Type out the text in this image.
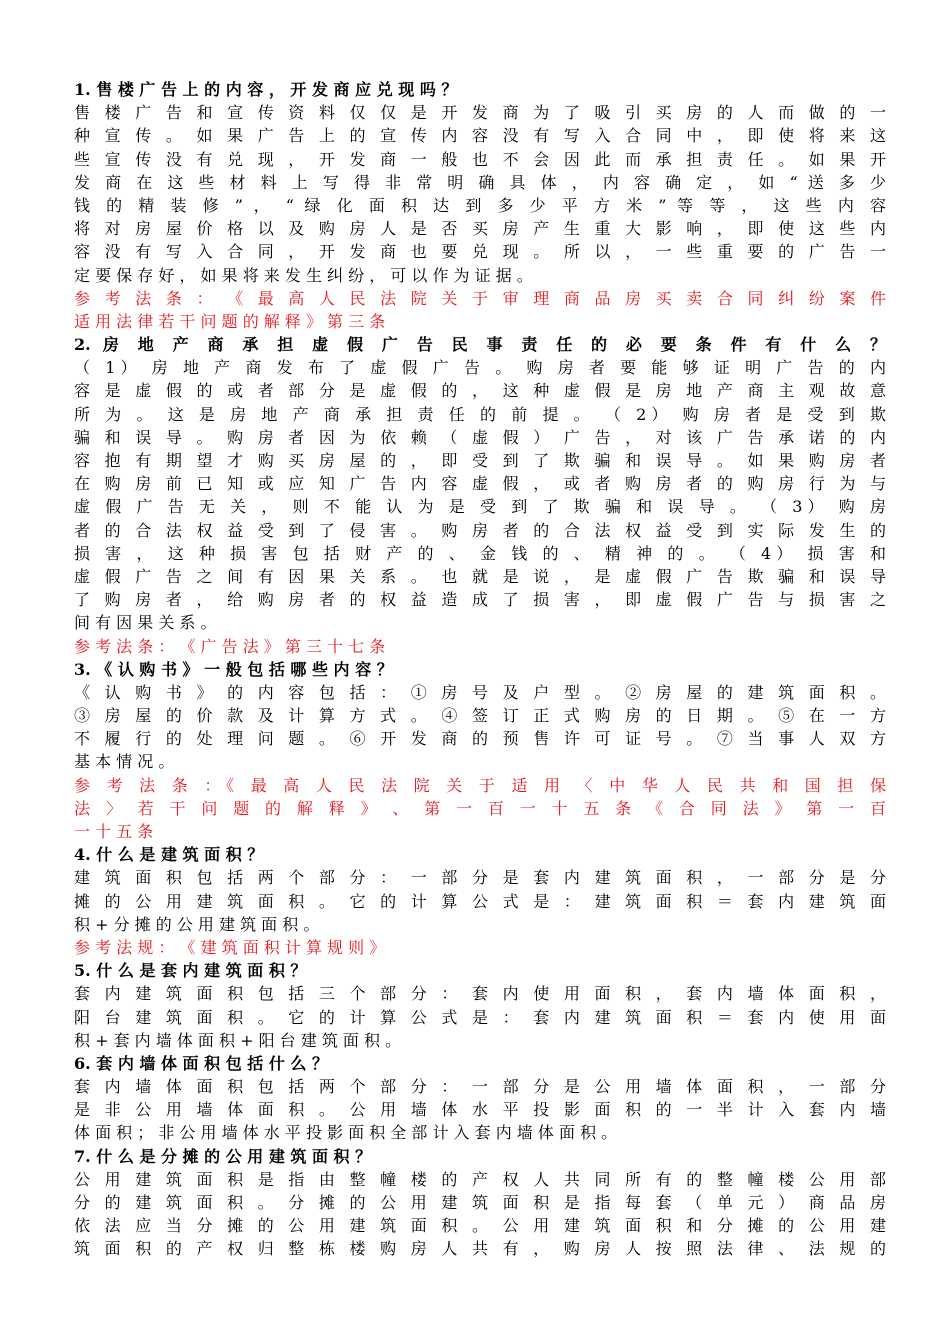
1. 售 楼 广 告 上 的 内 容 ， 开 发 商 应 兑 现 吗 ？
售 楼 广 告 和 宣 传 资 料 仅 仅 是 开 发 商 为 了 吸 引 买 房 的 人 而 做 的 一
种 宣 传 。 如 果 广 告 上 的 宣 传 内 容 没 有 写 入 合 同 中 ， 即 使 将 来 这
些 宣 传 没 有 兑 现 ， 开 发 商 一 般 也 不 会 因 此 而 承 担 责 任 。 如 果 开
发 商 在 这 些 材 料 上 写 得 非 常 明 确 具 体 ， 内 容 确 定 ， 如 “ 送 多 少
钱 的 精 装 修 ” ， “ 绿 化 面 积 达 到 多 少 平 方 米 ” 等 等 ， 这 些 内 容
将 对 房 屋 价 格 以 及 购 房 人 是 否 买 房 产 生 重 大 影 响 ， 即 使 这 些 内
容 没 有 写 入 合 同 ， 开 发 商 也 要 兑 现 。 所 以 ， 一 些 重 要 的 广 告 一
定 要 保 存 好 ， 如 果 将 来 发 生 纠 纷 ， 可 以 作 为 证 据 。
参 考 法 条 ： 《 最 高 人 民 法 院 关 于 审 理 商 品 房 买 卖 合 同 纠 纷 案 件
适 用 法 律 若 干 问 题 的 解 释 》 第 三 条
2. 房 地 产 商 承 担 虚 假 广 告 民 事 责 任 的 必 要 条 件 有 什 么 ？
（ 1） 房 地 产 商 发 布 了 虚 假 广 告 。 购 房 者 要 能 够 证 明 广 告 的 内
容 是 虚 假 的 或 者 部 分 是 虚 假 的 ， 这 种 虚 假 是 房 地 产 商 主 观 故 意
所 为 。 这 是 房 地 产 商 承 担 责 任 的 前 提 。 （ 2） 购 房 者 是 受 到 欺
骗 和 误 导 。 购 房 者 因 为 依 赖 （ 虚 假 ） 广 告 ， 对 该 广 告 承 诺 的 内
容 抱 有 期 望 才 购 买 房 屋 的 ， 即 受 到 了 欺 骗 和 误 导 。 如 果 购 房 者
在 购 房 前 已 知 或 应 知 广 告 内 容 虚 假 ， 或 者 购 房 者 的 购 房 行 为 与
虚 假 广 告 无 关 ， 则 不 能 认 为 是 受 到 了 欺 骗 和 误 导 。 （ 3） 购 房
者 的 合 法 权 益 受 到 了 侵 害 。 购 房 者 的 合 法 权 益 受 到 实 际 发 生 的
损 害 ， 这 种 损 害 包 括 财 产 的 、 金 钱 的 、 精 神 的 。 （ 4） 损 害 和
虚 假 广 告 之 间 有 因 果 关 系 。 也 就 是 说 ， 是 虚 假 广 告 欺 骗 和 误 导
了 购 房 者 ， 给 购 房 者 的 权 益 造 成 了 损 害 ， 即 虚 假 广 告 与 损 害 之
间 有 因 果 关 系 。
参 考 法 条 ： 《 广 告 法 》 第 三 十 七 条
3. 《 认 购 书 》 一 般 包 括 哪 些 内 容 ？
《 认 购 书 》 的 内 容 包 括 ： ① 房 号 及 户 型 。 ② 房 屋 的 建 筑 面 积 。
③ 房 屋 的 价 款 及 计 算 方 式 。 ④ 签 订 正 式 购 房 的 日 期 。 ⑤ 在 一 方
不 履 行 的 处 理 问 题 。 ⑥ 开 发 商 的 预 售 许 可 证 号 。 ⑦ 当 事 人 双 方
基 本 情 况 。
参 考 法 条 ：《 最 高 人 民 法 院 关 于 适 用 〈 中 华 人 民 共 和 国 担 保
法 〉 若 干 问 题 的 解 释 》 、 第 一 百 一 十 五 条 《 合 同 法 》 第 一 百
一 十 五 条
4. 什 么 是 建 筑 面 积 ？
建 筑 面 积 包 括 两 个 部 分 ： 一 部 分 是 套 内 建 筑 面 积 ， 一 部 分 是 分
摊 的 公 用 建 筑 面 积 。 它 的 计 算 公 式 是 ： 建 筑 面 积 ＝ 套 内 建 筑 面
积 + 分 摊 的 公 用 建 筑 面 积 。
参 考 法 规 ： 《 建 筑 面 积 计 算 规 则 》
5. 什 么 是 套 内 建 筑 面 积 ？
套 内 建 筑 面 积 包 括 三 个 部 分 ： 套 内 使 用 面 积 ， 套 内 墙 体 面 积 ，
阳 台 建 筑 面 积 。 它 的 计 算 公 式 是 ： 套 内 建 筑 面 积 ＝ 套 内 使 用 面
积 + 套 内 墙 体 面 积 + 阳 台 建 筑 面 积 。
6. 套 内 墙 体 面 积 包 括 什 么 ？
套 内 墙 体 面 积 包 括 两 个 部 分 ： 一 部 分 是 公 用 墙 体 面 积 ， 一 部 分
是 非 公 用 墙 体 面 积 。 公 用 墙 体 水 平 投 影 面 积 的 一 半 计 入 套 内 墙
体 面 积 ； 非 公 用 墙 体 水 平 投 影 面 积 全 部 计 入 套 内 墙 体 面 积 。
7. 什 么 是 分 摊 的 公 用 建 筑 面 积 ？
公 用 建 筑 面 积 是 指 由 整 幢 楼 的 产 权 人 共 同 所 有 的 整 幢 楼 公 用 部
分 的 建 筑 面 积 。 分 摊 的 公 用 建 筑 面 积 是 指 每 套 （ 单 元 ） 商 品 房
依 法 应 当 分 摊 的 公 用 建 筑 面 积 。 公 用 建 筑 面 积 和 分 摊 的 公 用 建
筑 面 积 的 产 权 归 整 栋 楼 购 房 人 共 有 ， 购 房 人 按 照 法 律 、 法 规 的
